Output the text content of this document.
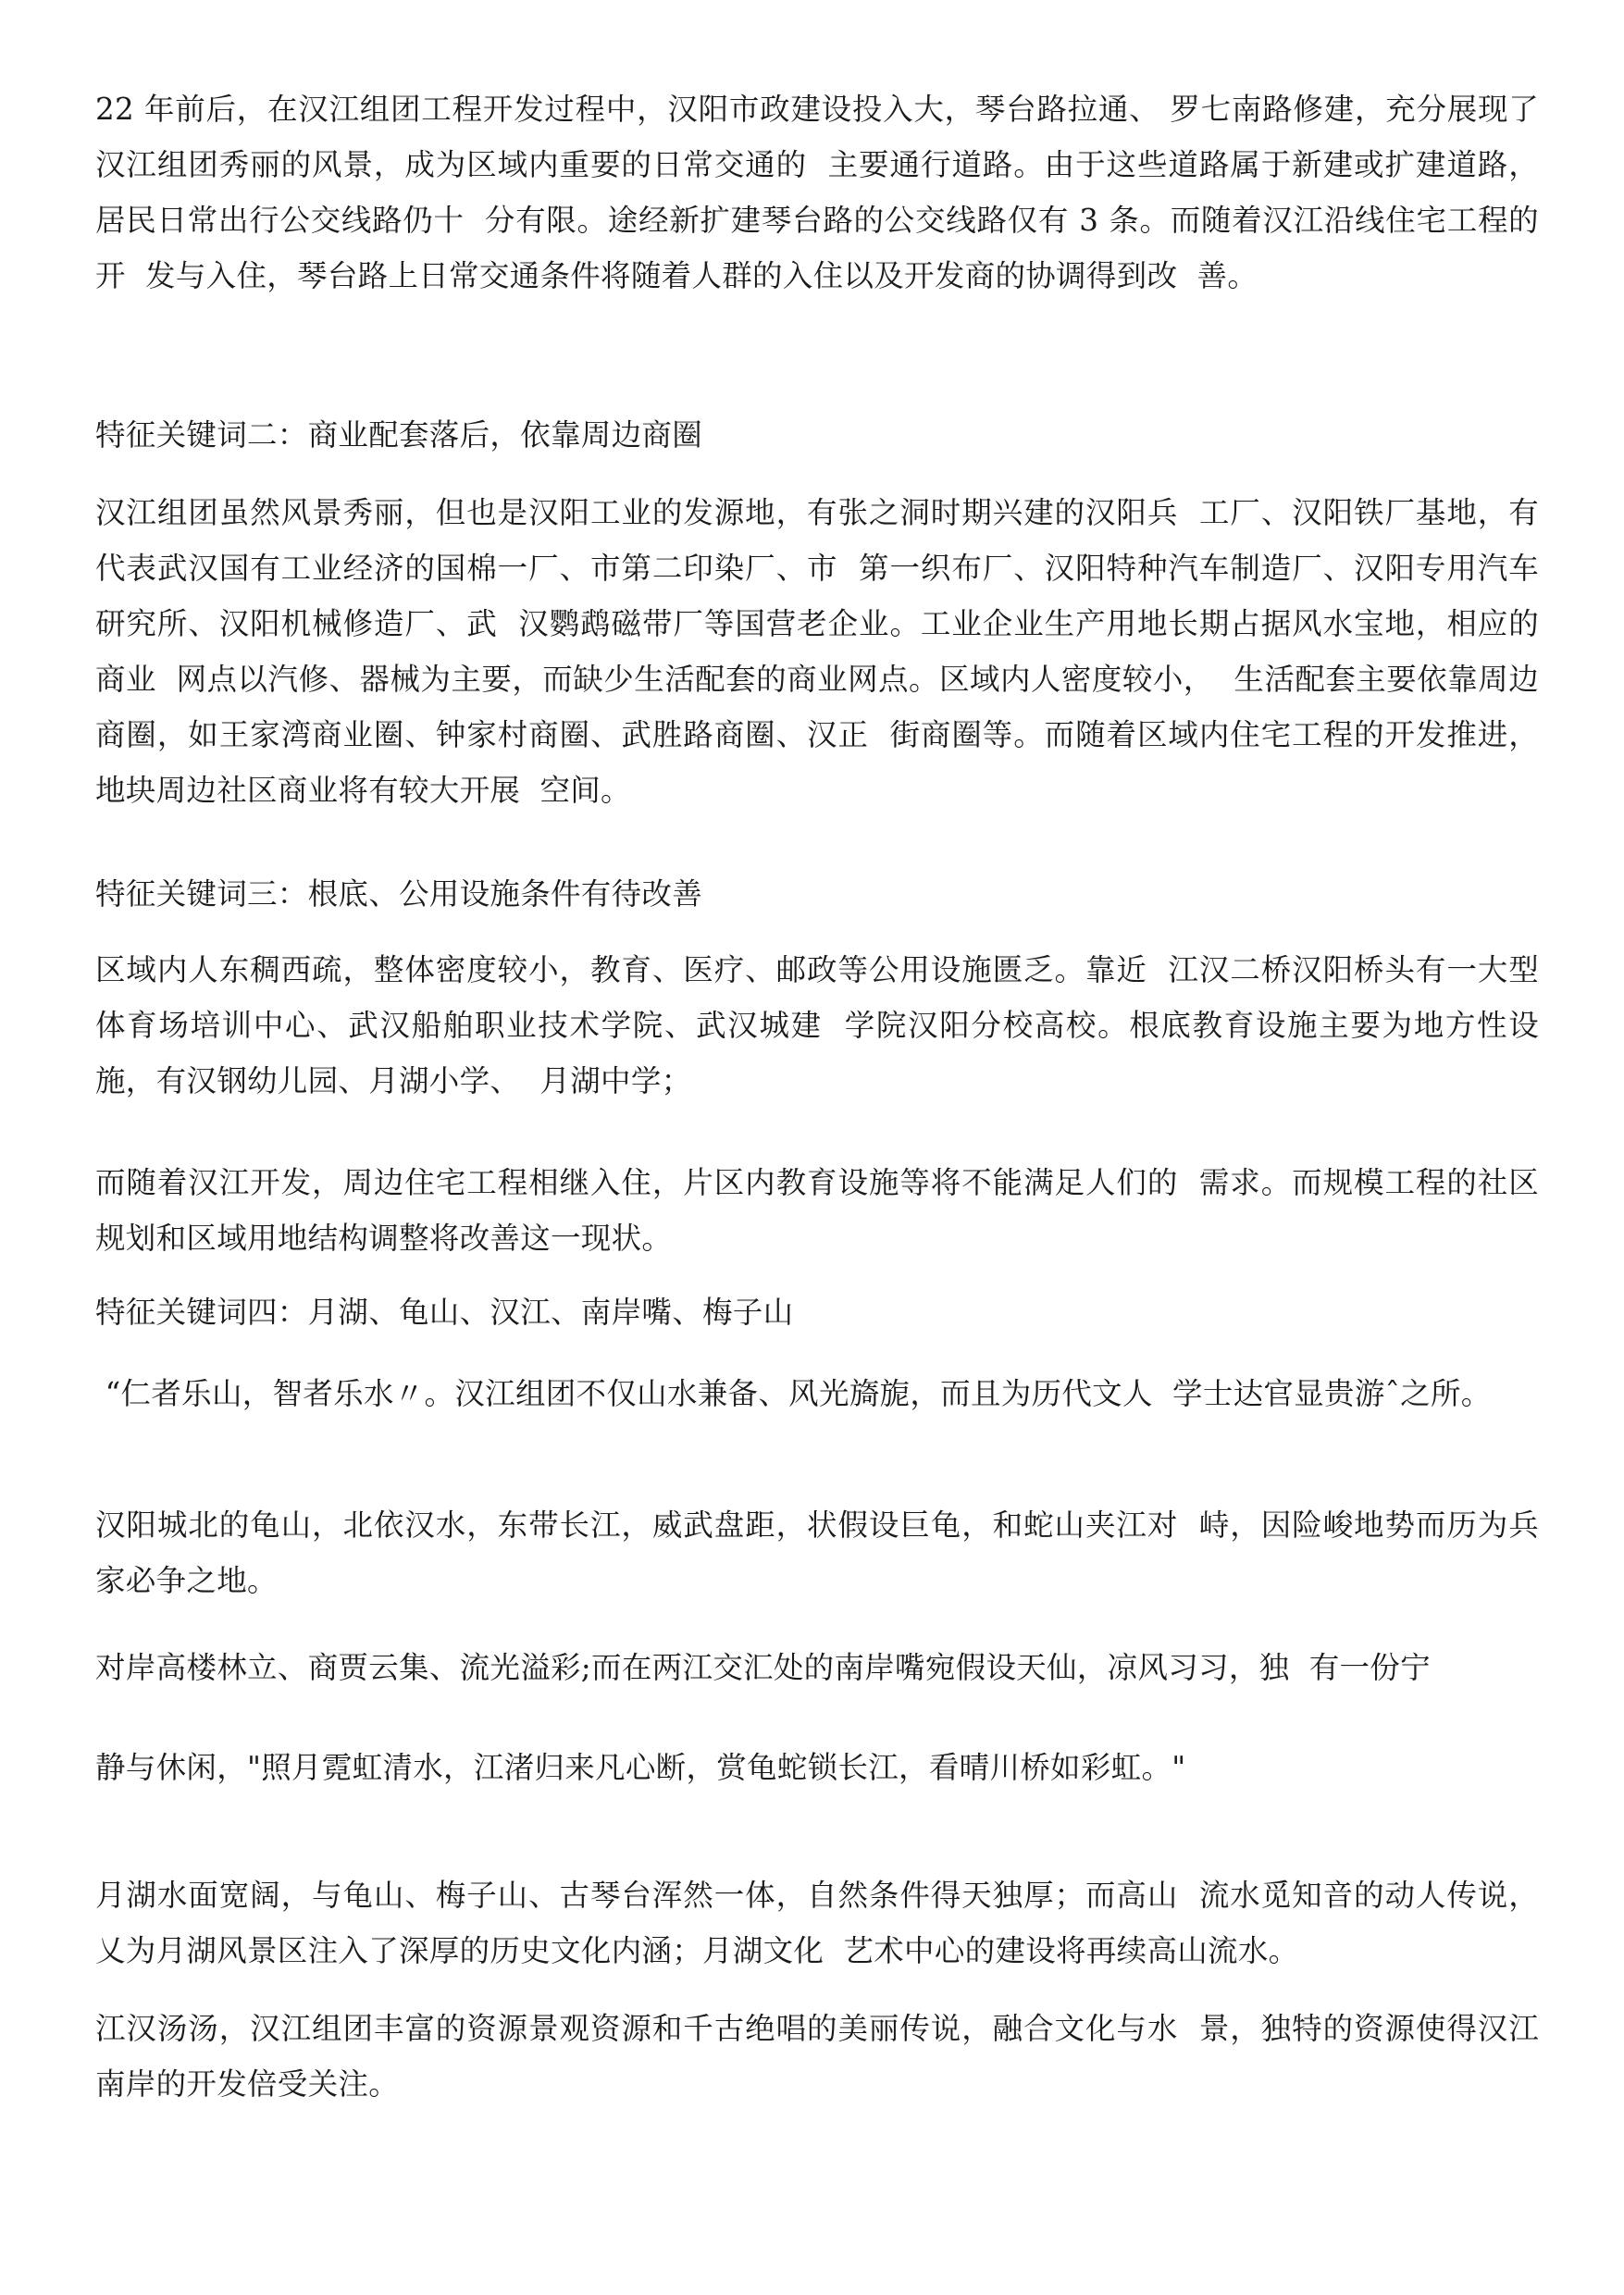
22 年前后，在汉江组团工程开发过程中，汉阳市政建设投入大，琴台路拉通、 罗七南路修建，充分展现了汉江组团秀丽的风景，成为区域内重要的日常交通的  主要通行道路。由于这些道路属于新建或扩建道路，居民日常出行公交线路仍十  分有限。途经新扩建琴台路的公交线路仅有 3 条。而随着汉江沿线住宅工程的开  发与入住，琴台路上日常交通条件将随着人群的入住以及开发商的协调得到改  善。

特征关键词二：商业配套落后，依靠周边商圈

汉江组团虽然风景秀丽，但也是汉阳工业的发源地，有张之洞时期兴建的汉阳兵  工厂、汉阳铁厂基地，有代表武汉国有工业经济的国棉一厂、市第二印染厂、市  第一织布厂、汉阳特种汽车制造厂、汉阳专用汽车研究所、汉阳机械修造厂、武  汉鹦鹉磁带厂等国营老企业。工业企业生产用地长期占据风水宝地，相应的商业  网点以汽修、器械为主要，而缺少生活配套的商业网点。区域内人密度较小，  生活配套主要依靠周边商圈，如王家湾商业圈、钟家村商圈、武胜路商圈、汉正  街商圈等。而随着区域内住宅工程的开发推进，地块周边社区商业将有较大开展  空间。

特征关键词三：根底、公用设施条件有待改善

区域内人东稠西疏，整体密度较小，教育、医疗、邮政等公用设施匮乏。靠近  江汉二桥汉阳桥头有一大型体育场培训中心、武汉船舶职业技术学院、武汉城建  学院汉阳分校高校。根底教育设施主要为地方性设施，有汉钢幼儿园、月湖小学、  月湖中学；

而随着汉江开发，周边住宅工程相继入住，片区内教育设施等将不能满足人们的  需求。而规模工程的社区规划和区域用地结构调整将改善这一现状。

特征关键词四：月湖、龟山、汉江、南岸嘴、梅子山

“仁者乐山，智者乐水〃。汉江组团不仅山水兼备、风光旖旎，而且为历代文人  学士达官显贵游ˆ之所。

汉阳城北的龟山，北依汉水，东带长江，威武盘距，状假设巨龟，和蛇山夹江对  峙，因险峻地势而历为兵家必争之地。

对岸高楼林立、商贾云集、流光溢彩;而在两江交汇处的南岸嘴宛假设天仙，凉风习习，独  有一份宁

静与休闲，"照月霓虹清水，江渚归来凡心断，赏龟蛇锁长江，看晴川桥如彩虹。"

月湖水面宽阔，与龟山、梅子山、古琴台浑然一体，自然条件得天独厚；而高山  流水觅知音的动人传说，乂为月湖风景区注入了深厚的历史文化内涵；月湖文化  艺术中心的建设将再续高山流水。

江汉汤汤，汉江组团丰富的资源景观资源和千古绝唱的美丽传说，融合文化与水  景，独特的资源使得汉江南岸的开发倍受关注。
